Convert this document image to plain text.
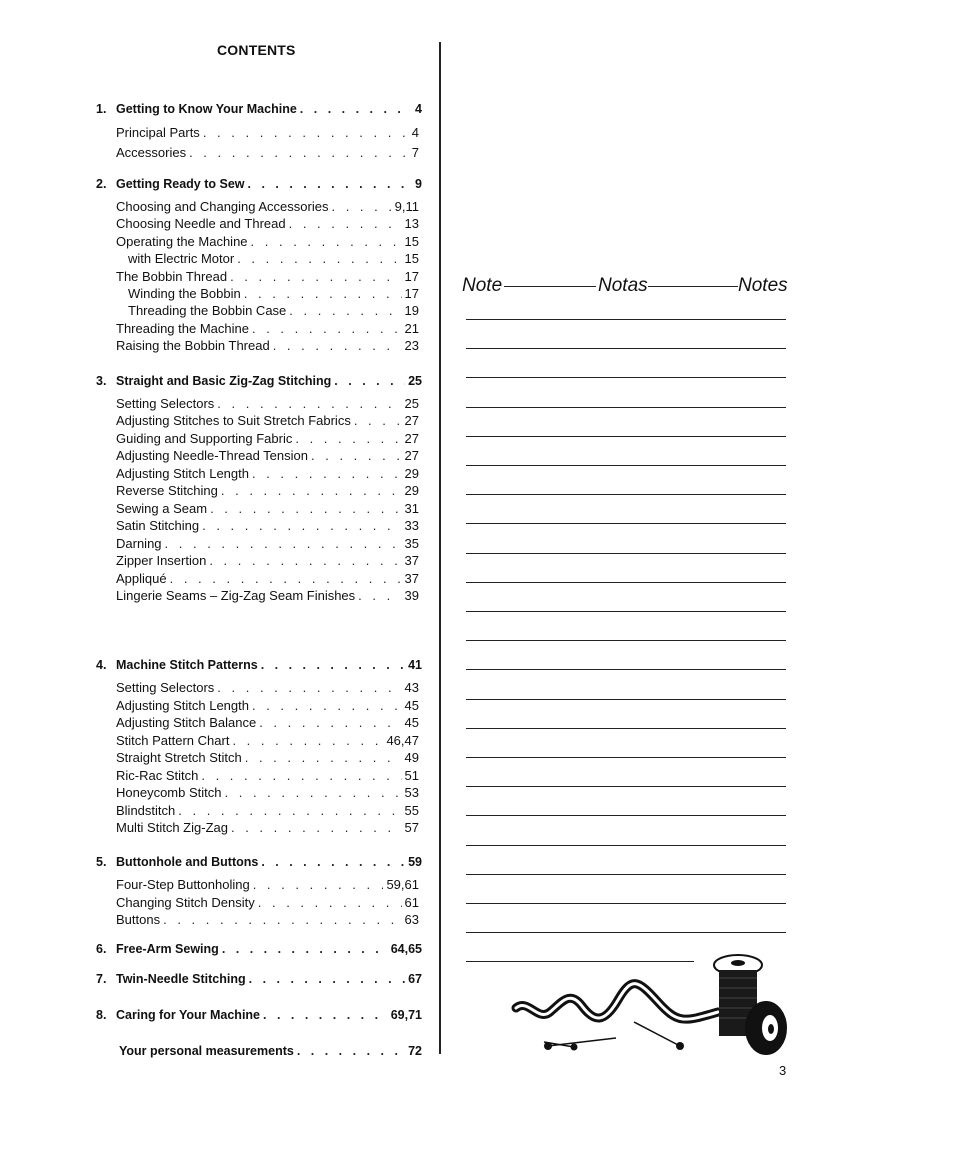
CONTENTS
1. Getting to Know Your Machine . . .	4
Principal Parts . . .	4
Accessories . . .	7
2. Getting Ready to Sew . . .	9
Choosing and Changing Accessories . . .	9,11
Choosing Needle and Thread . . .	13
Operating the Machine . . .	15
with Electric Motor . . .	15
The Bobbin Thread . . .	17
Winding the Bobbin . . .	17
Threading the Bobbin Case . . .	19
Threading the Machine . . .	21
Raising the Bobbin Thread . . .	23
3. Straight and Basic Zig-Zag Stitching . . .	25
Setting Selectors . . .	25
Adjusting Stitches to Suit Stretch Fabrics . . .	27
Guiding and Supporting Fabric . . .	27
Adjusting Needle-Thread Tension . . .	27
Adjusting Stitch Length . . .	29
Reverse Stitching . . .	29
Sewing a Seam . . .	31
Satin Stitching . . .	33
Darning . . .	35
Zipper Insertion . . .	37
Appliqué . . .	37
Lingerie Seams – Zig-Zag Seam Finishes . . .	39
4. Machine Stitch Patterns . . .	41
Setting Selectors . . .	43
Adjusting Stitch Length . . .	45
Adjusting Stitch Balance . . .	45
Stitch Pattern Chart . . .	46,47
Straight Stretch Stitch . . .	49
Ric-Rac Stitch . . .	51
Honeycomb Stitch . . .	53
Blindstitch . . .	55
Multi Stitch Zig-Zag . . .	57
5. Buttonhole and Buttons . . .	59
Four-Step Buttonholing . . .	59,61
Changing Stitch Density . . .	61
Buttons . . .	63
6. Free-Arm Sewing . . .	64,65
7. Twin-Needle Stitching . . .	67
8. Caring for Your Machine . . .	69,71
Your personal measurements . . .	72
Note	Notas	Notes
3
